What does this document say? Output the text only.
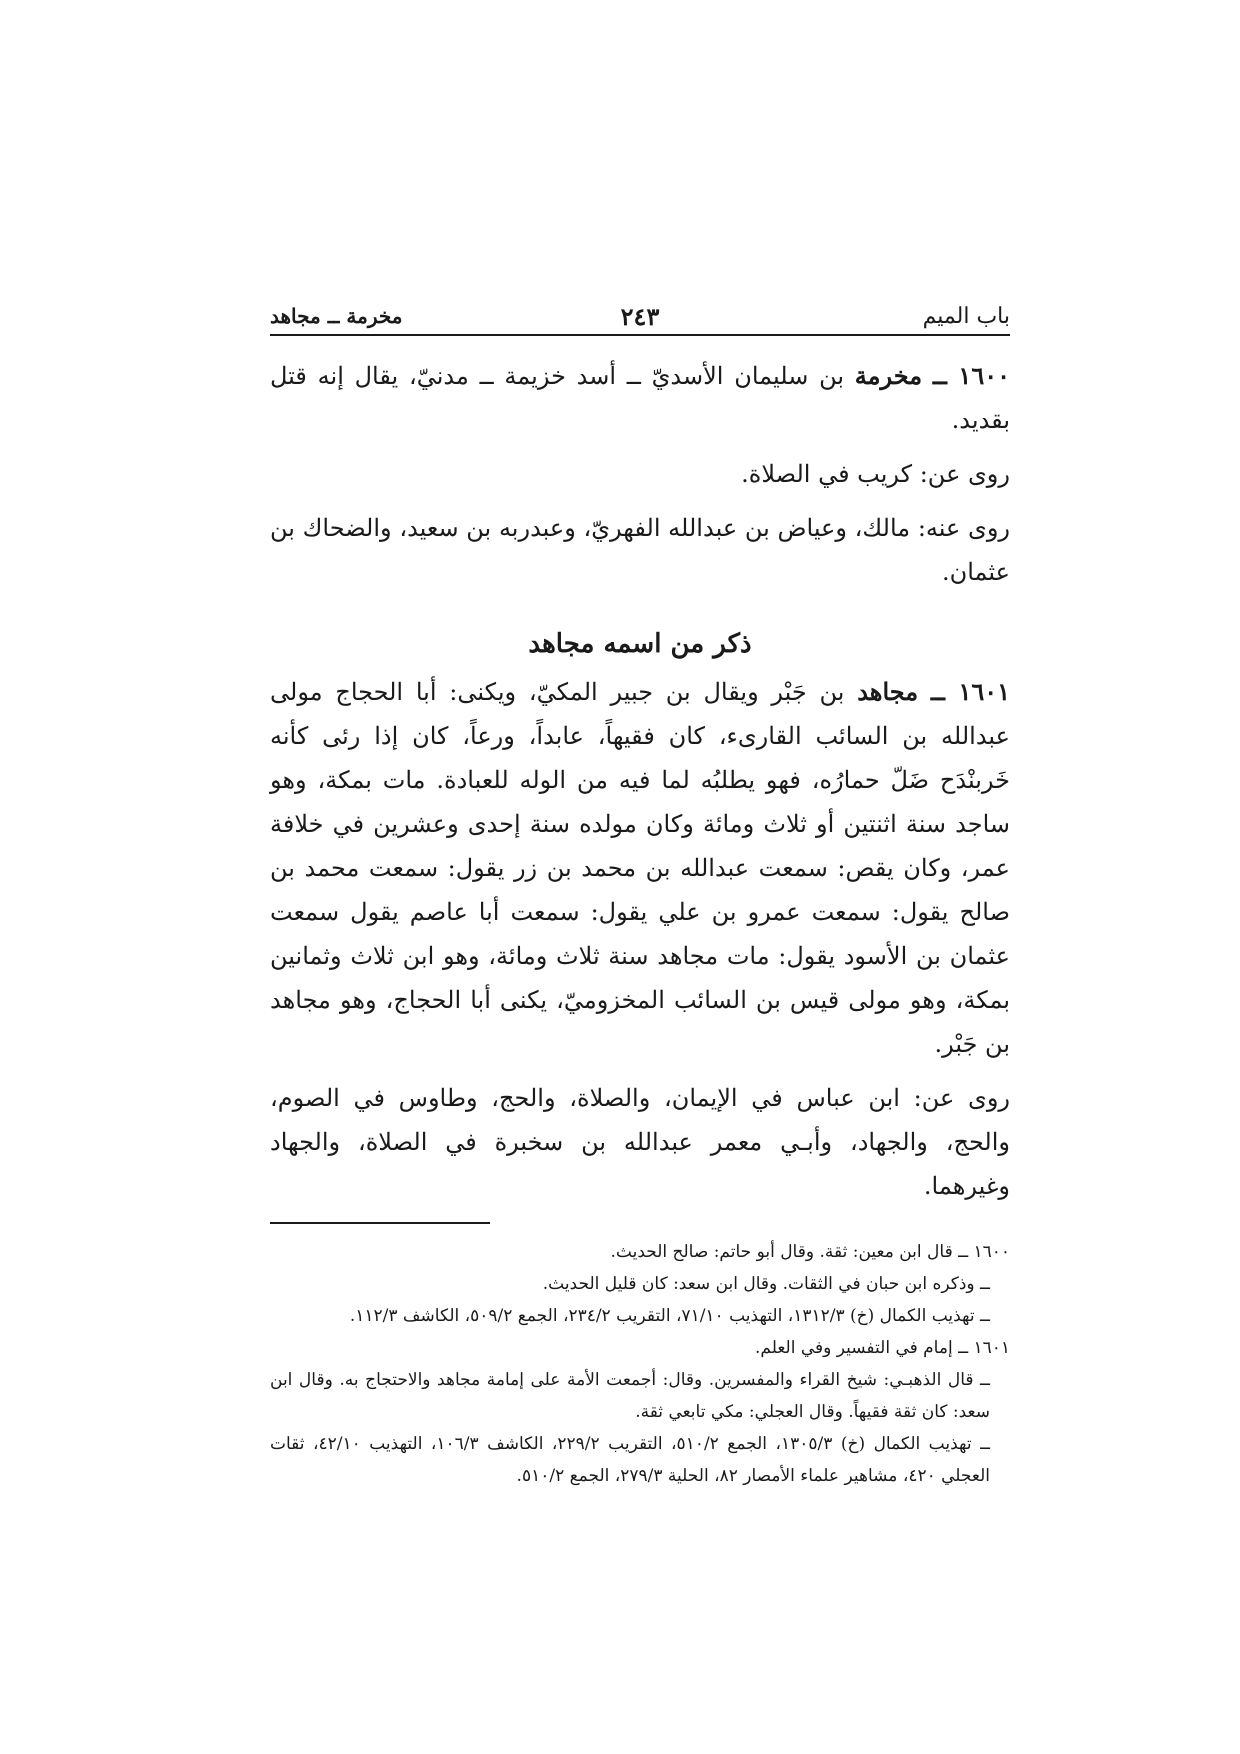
باب الميم
٢٤٣
مخرمة ــ مجاهد

١٦٠٠ ــ مخرمة بن سليمان الأسديّ ــ أسد خزيمة ــ مدنيّ، يقال إنه قتل بقديد.

روى عن: كريب في الصلاة.

روى عنه: مالك، وعياض بن عبدالله الفهريّ، وعبدربه بن سعيد، والضحاك بن عثمان.

ذكر من اسمه مجاهد

١٦٠١ ــ مجاهد بن جَبْر ويقال بن جبير المكيّ، ويكنى: أبا الحجاج مولى عبدالله بن السائب القارىء، كان فقيهاً، عابداً، ورعاً، كان إذا رئى كأنه خَربنْدَح ضَلّ حمارُه، فهو يطلبُه لما فيه من الوله للعبادة. مات بمكة، وهو ساجد سنة اثنتين أو ثلاث ومائة وكان مولده سنة إحدى وعشرين في خلافة عمر، وكان يقص: سمعت عبدالله بن محمد بن زر يقول: سمعت محمد بن صالح يقول: سمعت عمرو بن علي يقول: سمعت أبا عاصم يقول سمعت عثمان بن الأسود يقول: مات مجاهد سنة ثلاث ومائة، وهو ابن ثلاث وثمانين بمكة، وهو مولى قيس بن السائب المخزوميّ، يكنى أبا الحجاج، وهو مجاهد بن جَبْر.

روى عن: ابن عباس في الإيمان، والصلاة، والحج، وطاوس في الصوم، والحج، والجهاد، وأبـي معمر عبدالله بن سخبرة في الصلاة، والجهاد وغيرهما.

١٦٠٠ ــ قال ابن معين: ثقة. وقال أبو حاتم: صالح الحديث.

ــ وذكره ابن حبان في الثقات. وقال ابن سعد: كان قليل الحديث.

ــ تهذيب الكمال (خ) ١٣١٢/٣، التهذيب ٧١/١٠، التقريب ٢٣٤/٢، الجمع ٥٠٩/٢، الكاشف ١١٢/٣.

١٦٠١ ــ إمام في التفسير وفي العلم.

ــ قال الذهبـي: شيخ القراء والمفسرين. وقال: أجمعت الأمة على إمامة مجاهد والاحتجاج به. وقال ابن سعد: كان ثقة فقيهاً. وقال العجلي: مكي تابعي ثقة.

ــ تهذيب الكمال (خ) ١٣٠٥/٣، الجمع ٥١٠/٢، التقريب ٢٢٩/٢، الكاشف ١٠٦/٣، التهذيب ٤٢/١٠، ثقات العجلي ٤٢٠، مشاهير علماء الأمصار ٨٢، الحلية ٢٧٩/٣، الجمع ٥١٠/٢.
